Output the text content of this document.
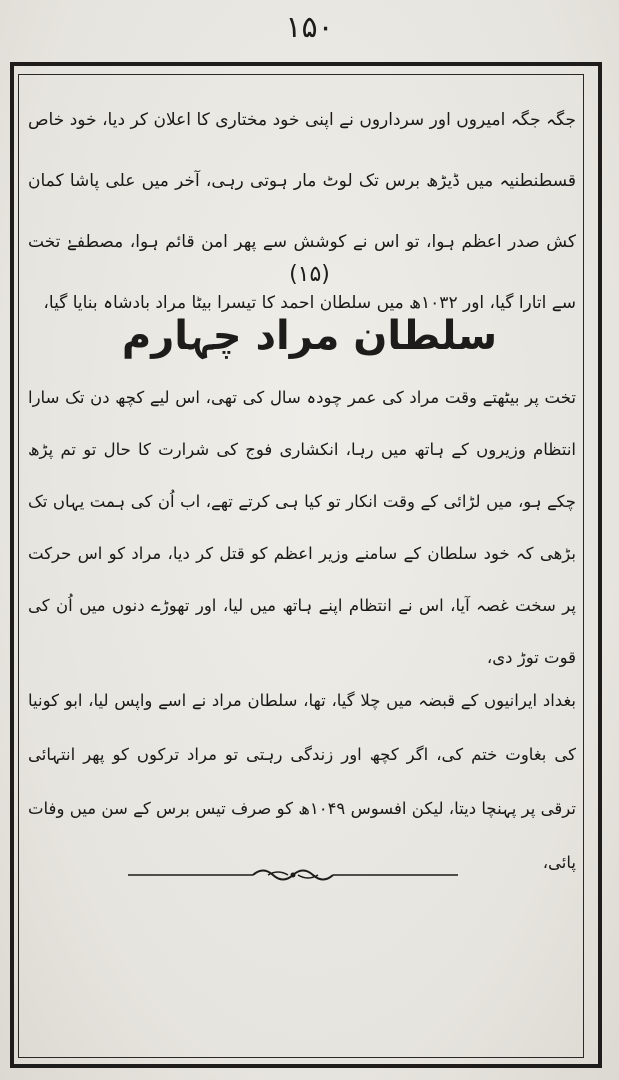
۱۵۰

جگہ جگہ امیروں اور سرداروں نے اپنی خود مختاری کا اعلان کر دیا، خود خاص قسطنطنیہ میں ڈیڑھ برس تک لوٹ مار ہوتی رہی، آخر میں علی پاشا کمان کش صدر اعظم ہوا، تو اس نے کوشش سے پھر امن قائم ہوا، مصطفےٰ تخت سے اتارا گیا، اور ۱۰۳۲ھ میں سلطان احمد کا تیسرا بیٹا مراد بادشاہ بنایا گیا،

(۱۵)
سلطان مراد چہارم

تخت پر بیٹھتے وقت مراد کی عمر چودہ سال کی تھی، اس لیے کچھ دن تک سارا انتظام وزیروں کے ہاتھ میں رہا، انکشاری فوج کی شرارت کا حال تو تم پڑھ چکے ہو، میں لڑائی کے وقت انکار تو کیا ہی کرتے تھے، اب اُن کی ہمت یہاں تک بڑھی کہ خود سلطان کے سامنے وزیر اعظم کو قتل کر دیا، مراد کو اس حرکت پر سخت غصہ آیا، اس نے انتظام اپنے ہاتھ میں لیا، اور تھوڑے دنوں میں اُن کی قوت توڑ دی،

بغداد ایرانیوں کے قبضہ میں چلا گیا، تھا، سلطان مراد نے اسے واپس لیا، ابو کونیا کی بغاوت ختم کی، اگر کچھ اور زندگی رہتی تو مراد ترکوں کو پھر انتہائی ترقی پر پہنچا دیتا، لیکن افسوس ۱۰۴۹ھ کو صرف تیس برس کے سن میں وفات پائی،
